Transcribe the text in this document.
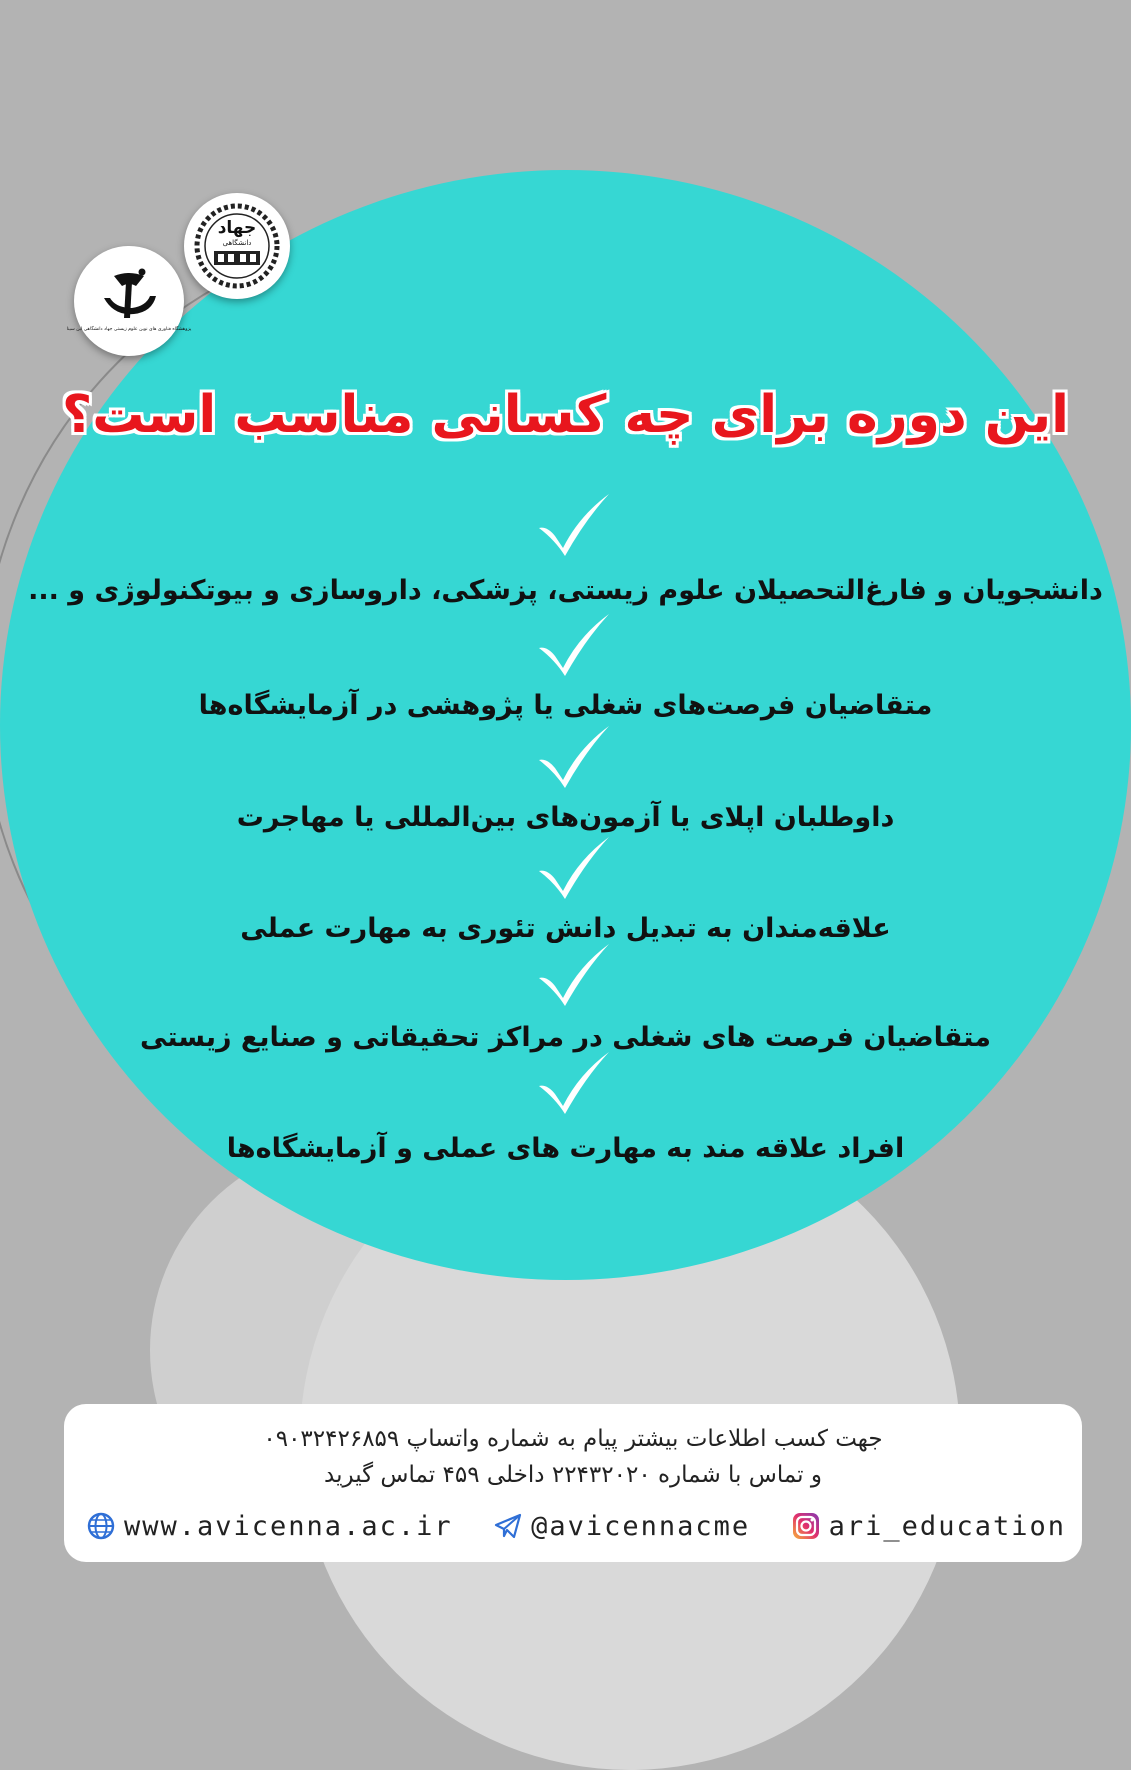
جهاد
دانشگاهی
پژوهشگاه فناوری های نوین علوم زیستی جهاد دانشگاهی ابن سینا
این دوره برای چه کسانی مناسب است؟
دانشجویان و فارغ‌التحصیلان علوم زیستی، پزشکی، داروسازی و بیوتکنولوژی و ...
متقاضیان فرصت‌های شغلی یا پژوهشی در آزمایشگاه‌ها
داوطلبان اپلای یا آزمون‌های بین‌المللی یا مهاجرت
علاقه‌مندان به تبدیل دانش تئوری به مهارت عملی
متقاضیان فرصت های شغلی در مراکز تحقیقاتی و صنایع زیستی
افراد علاقه مند به مهارت های عملی و آزمایشگاه‌ها
جهت کسب اطلاعات بیشتر پیام به شماره واتساپ ۰۹۰۳۲۴۲۶۸۵۹
و تماس با شماره ۲۲۴۳۲۰۲۰ داخلی ۴۵۹ تماس گیرید
www.avicenna.ac.ir	@avicennacme	ari_education
